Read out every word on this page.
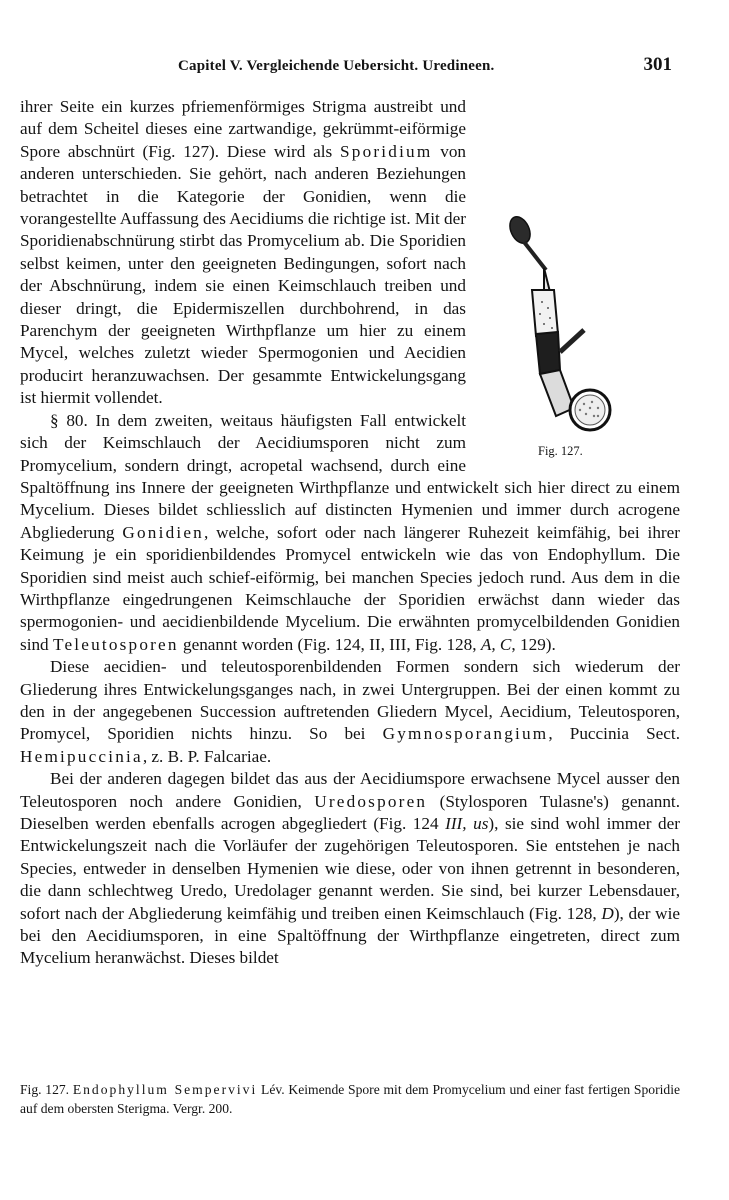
Capitel V. Vergleichende Uebersicht. Uredineen.	301
Fig. 127.

ihrer Seite ein kurzes pfriemenförmiges Strigma austreibt und auf dem Scheitel dieses eine zartwandige, gekrümmt-eiförmige Spore abschnürt (Fig. 127). Diese wird als Sporidium von anderen unterschieden. Sie gehört, nach anderen Beziehungen betrachtet in die Kategorie der Gonidien, wenn die vorangestellte Auffassung des Aecidiums die richtige ist. Mit der Sporidienabschnürung stirbt das Promycelium ab. Die Sporidien selbst keimen, unter den geeigneten Bedingungen, sofort nach der Abschnürung, indem sie einen Keimschlauch treiben und dieser dringt, die Epidermiszellen durchbohrend, in das Parenchym der geeigneten Wirthpflanze um hier zu einem Mycel, welches zuletzt wieder Spermogonien und Aecidien producirt heranzuwachsen. Der gesammte Entwickelungsgang ist hiermit vollendet.

§ 80. In dem zweiten, weitaus häufigsten Fall entwickelt sich der Keimschlauch der Aecidiumsporen nicht zum Promycelium, sondern dringt, acropetal wachsend, durch eine Spaltöffnung ins Innere der geeigneten Wirthpflanze und entwickelt sich hier direct zu einem Mycelium. Dieses bildet schliesslich auf distincten Hymenien und immer durch acrogene Abgliederung Gonidien, welche, sofort oder nach längerer Ruhezeit keimfähig, bei ihrer Keimung je ein sporidienbildendes Promycel entwickeln wie das von Endophyllum. Die Sporidien sind meist auch schief-eiförmig, bei manchen Species jedoch rund. Aus dem in die Wirthpflanze eingedrungenen Keimschlauche der Sporidien erwächst dann wieder das spermogonien- und aecidienbildende Mycelium. Die erwähnten promycelbildenden Gonidien sind Teleutosporen genannt worden (Fig. 124, II, III, Fig. 128, A, C, 129).

Diese aecidien- und teleutosporenbildenden Formen sondern sich wiederum der Gliederung ihres Entwickelungsganges nach, in zwei Untergruppen. Bei der einen kommt zu den in der angegebenen Succession auftretenden Gliedern Mycel, Aecidium, Teleutosporen, Promycel, Sporidien nichts hinzu. So bei Gymnosporangium, Puccinia Sect. Hemipuccinia, z. B. P. Falcariae.

Bei der anderen dagegen bildet das aus der Aecidiumspore erwachsene Mycel ausser den Teleutosporen noch andere Gonidien, Uredosporen (Stylosporen Tulasne's) genannt. Dieselben werden ebenfalls acrogen abgegliedert (Fig. 124 III, us), sie sind wohl immer der Entwickelungszeit nach die Vorläufer der zugehörigen Teleutosporen. Sie entstehen je nach Species, entweder in denselben Hymenien wie diese, oder von ihnen getrennt in besonderen, die dann schlechtweg Uredo, Uredolager genannt werden. Sie sind, bei kurzer Lebensdauer, sofort nach der Abgliederung keimfähig und treiben einen Keimschlauch (Fig. 128, D), der wie bei den Aecidiumsporen, in eine Spaltöffnung der Wirthpflanze eingetreten, direct zum Mycelium heranwächst. Dieses bildet

Fig. 127. Endophyllum Sempervivi Lév. Keimende Spore mit dem Promycelium und einer fast fertigen Sporidie auf dem obersten Sterigma. Vergr. 200.
